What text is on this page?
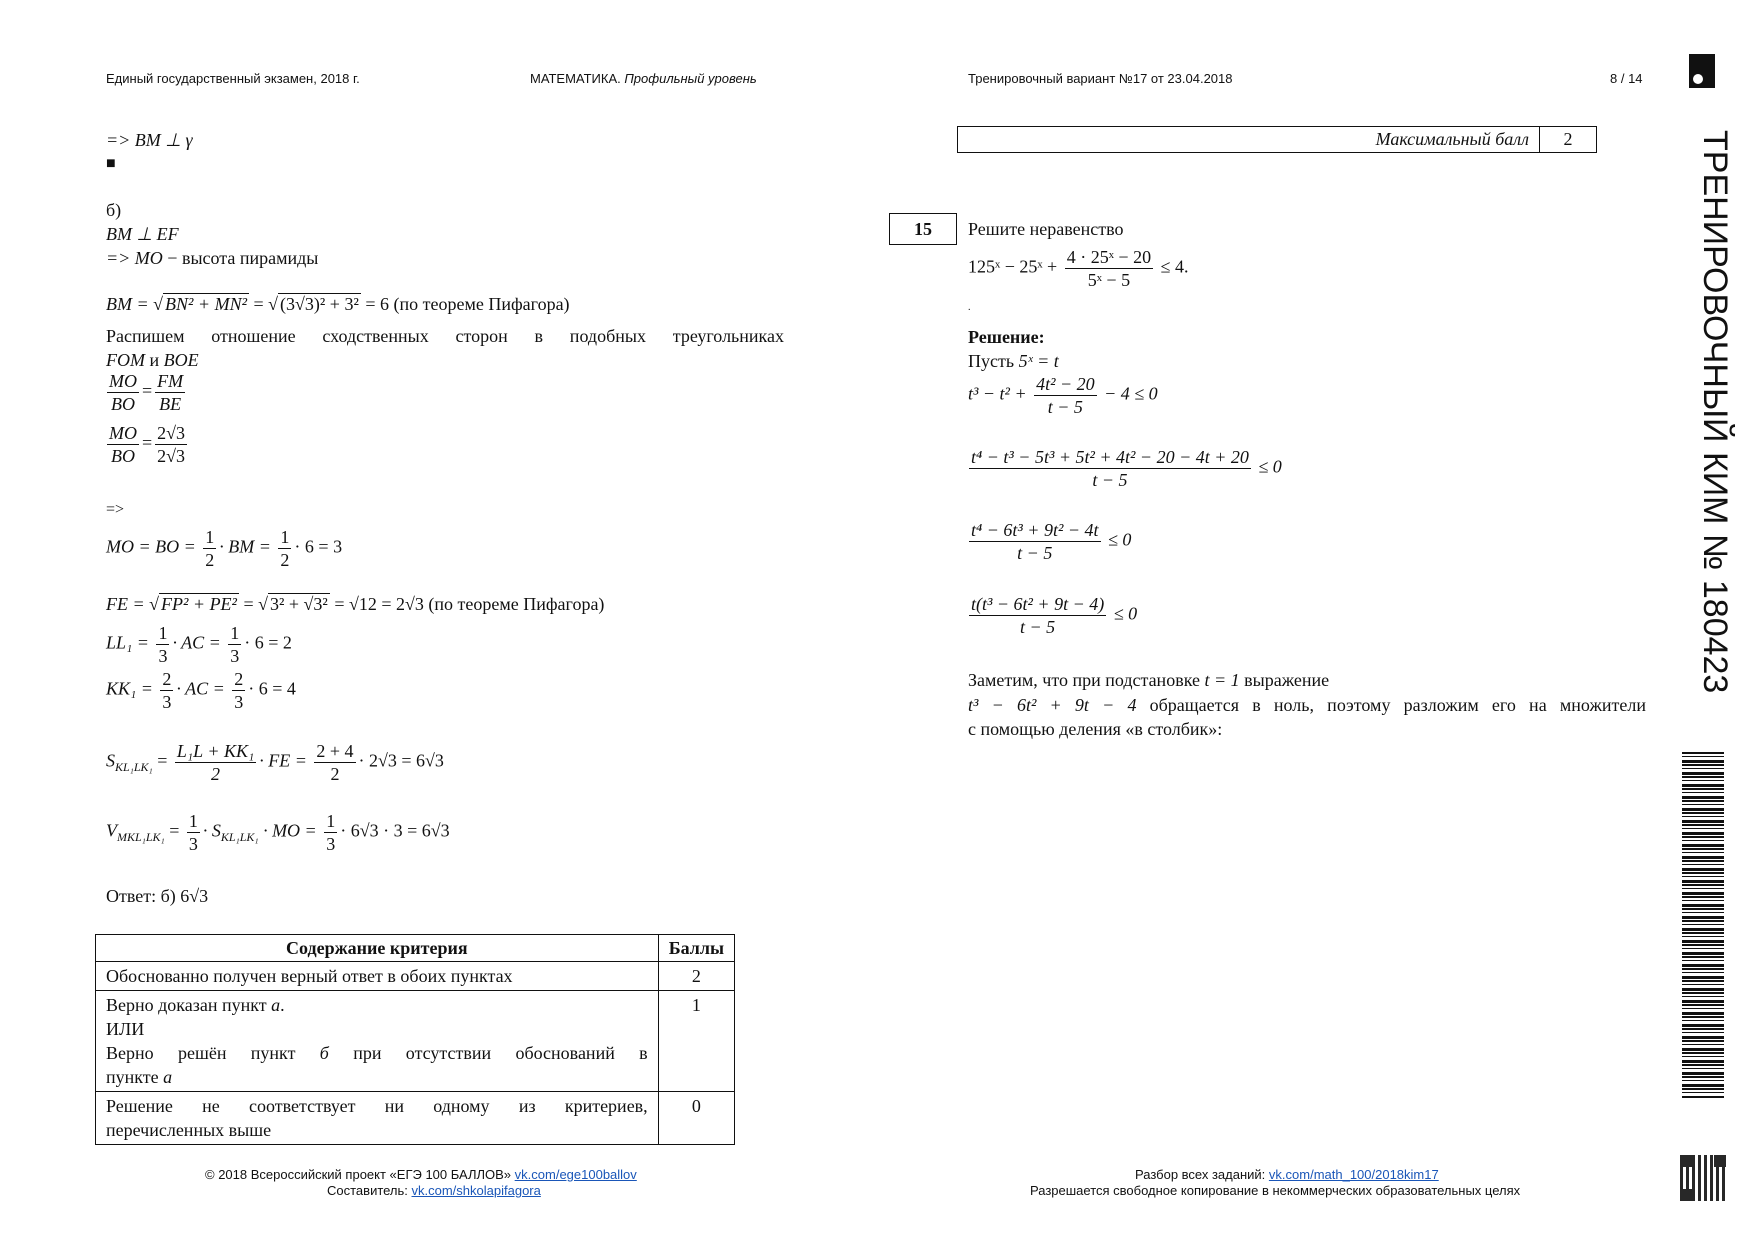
Единый государственный экзамен, 2018 г.	МАТЕМАТИКА. Профильный уровень	Тренировочный вариант №17 от 23.04.2018	8 / 14
ТРЕНИРОВОЧНЫЙ КИМ № 180423
=> BM ⊥ γ
■
б)
BM ⊥ EF
=> MO − высота пирамиды
BM = √ BN² + MN² = √ (3√3)² + 3² = 6 (по теореме Пифагора)
Распишем отношение сходственных сторон в подобных треугольниках
FOM и BOE
$\frac{MO}{BO} = \frac{FM}{BE}$
$\frac{MO}{BO} = \frac{2√3}{2√3}$
=>
MO = BO = $\frac{1}{2}$ · BM = $\frac{1}{2} \cdot 6 = 3$
FE = √ FP² + PE² = √ 3² + √3² = √12 = 2√3 (по теореме Пифагора)
$LL_1 = \frac{1}{3}$ · AC = $\frac{1}{3} \cdot 6 = 2$
$KK_1 = \frac{2}{3}$ · AC = $\frac{2}{3} \cdot 6 = 4$
$S_{KL_1LK_1} = \frac{\text{L₁L + KK₁}}{2}$ · FE = $\frac{2 + 4}{2} \cdot 2√3 = 6√3$
$V_{MKL_1LK_1} = \frac{1}{3} \cdot S_{KL_1LK_1}$ · MO = $\frac{1}{3} \cdot 6√3 \cdot 3 = 6√3$
Ответ: б) 6√3
Содержание критерия	Баллы
Обоснованно получен верный ответ в обоих пунктах	2

Верно доказан пункт а.
ИЛИ
Верно решён пункт б при отсутствии обоснований в
пункте а	1

Решение не соответствует ни одному из критериев,
перечисленных выше	0
Максимальный балл	2
15	Решите неравенство
125ˣ − 25ˣ + $\frac{\text{4 · 25ˣ − 20}}{\text{5ˣ − 5}} \le 4$.
.
Решение:
Пусть 5ˣ = t
$t^3 - t^2 + \frac{\text{4t² − 20}}{t - 5} - 4 \le 0$
$\frac{\text{t⁴ − t³ − 5t³ + 5t² + 4t² − 20 − 4t + 20}}{t - 5} \le 0$
$\frac{\text{t⁴ − 6t³ + 9t² − 4t}}{t - 5} \le 0$
$\frac{\text{t(t³ − 6t² + 9t − 4)}}{t - 5} \le 0$
Заметим, что при подстановке t = 1 выражение
t³ − 6t² + 9t − 4 обращается в ноль, поэтому разложим его на множители
с помощью деления «в столбик»:
© 2018 Всероссийский проект «ЕГЭ 100 БАЛЛОВ» vk.com/ege100ballov
Составитель: vk.com/shkolapifagora
Разбор всех заданий: vk.com/math_100/2018kim17
Разрешается свободное копирование в некоммерческих образовательных целях
